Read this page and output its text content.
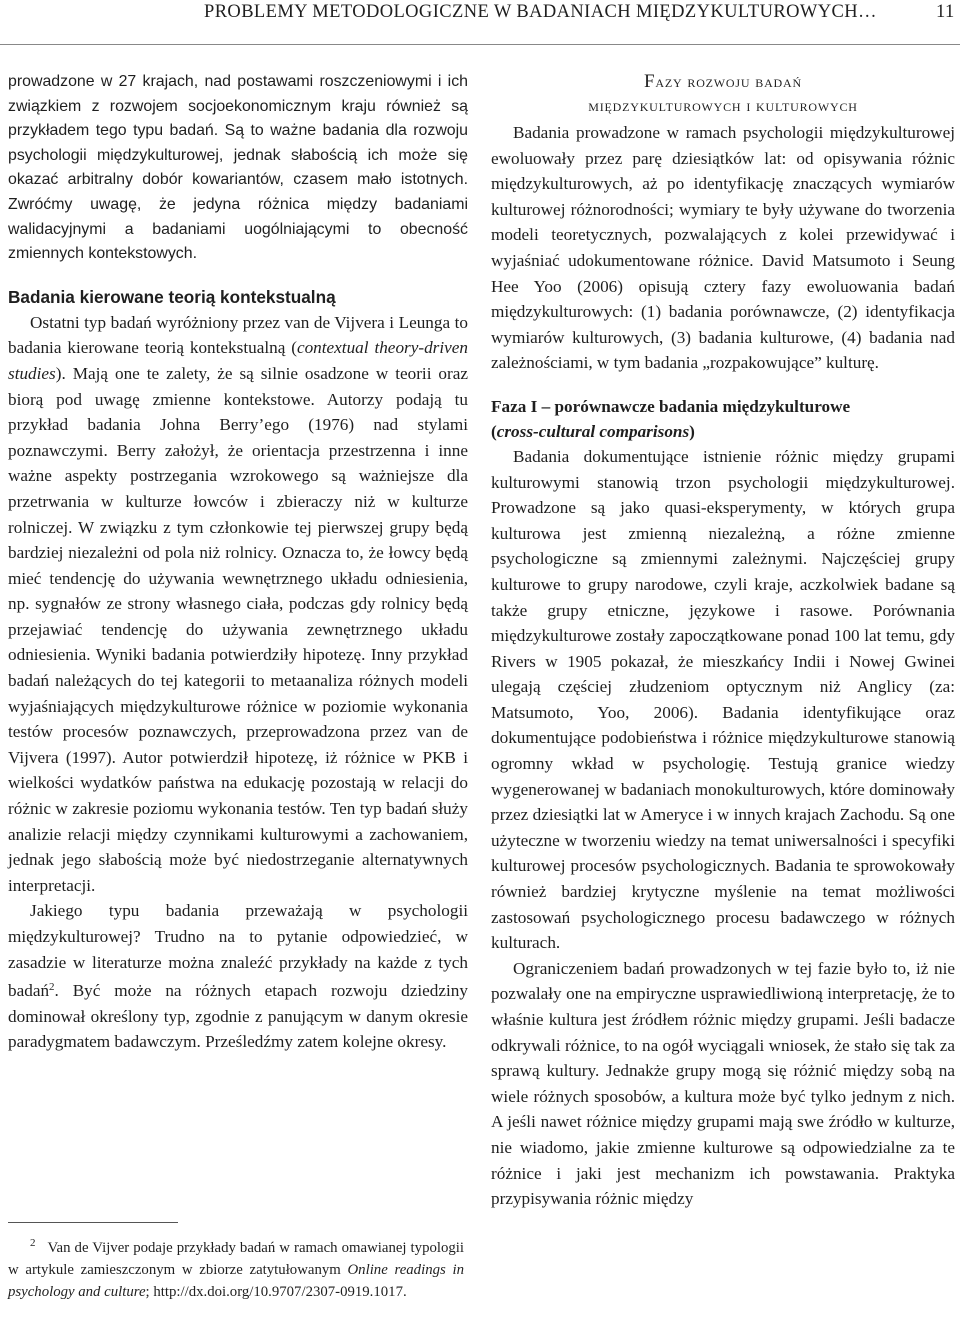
PROBLEMY METODOLOGICZNE W BADANIACH MIĘDZYKULTUROWYCH…	11

prowadzone w 27 krajach, nad postawami roszczeniowymi i ich związkiem z rozwojem socjoekonomicznym kraju również są przykładem tego typu badań. Są to ważne badania dla rozwoju psychologii międzykulturowej, jednak słabością ich może się okazać arbitralny dobór kowariantów, czasem mało istotnych. Zwróćmy uwagę, że jedyna różnica między badaniami walidacyjnymi a badaniami uogólniającymi to obecność zmiennych kontekstowych.

Badania kierowane teorią kontekstualną

Ostatni typ badań wyróżniony przez van de Vijvera i Leunga to badania kierowane teorią kontekstualną (contextual theory-driven studies). Mają one te zalety, że są silnie osadzone w teorii oraz biorą pod uwagę zmienne kontekstowe. Autorzy podają tu przykład badania Johna Berry’ego (1976) nad stylami poznawczymi. Berry założył, że orientacja przestrzenna i inne ważne aspekty postrzegania wzrokowego są ważniejsze dla przetrwania w kulturze łowców i zbieraczy niż w kulturze rolniczej. W związku z tym członkowie tej pierwszej grupy będą bardziej niezależni od pola niż rolnicy. Oznacza to, że łowcy będą mieć tendencję do używania wewnętrznego układu odniesienia, np. sygnałów ze strony własnego ciała, podczas gdy rolnicy będą przejawiać tendencję do używania zewnętrznego układu odniesienia. Wyniki badania potwierdziły hipotezę. Inny przykład badań należących do tej kategorii to metaanaliza różnych modeli wyjaśniających międzykulturowe różnice w poziomie wykonania testów procesów poznawczych, przeprowadzona przez van de Vijvera (1997). Autor potwierdził hipotezę, iż różnice w PKB i wielkości wydatków państwa na edukację pozostają w relacji do różnic w zakresie poziomu wykonania testów. Ten typ badań służy analizie relacji między czynnikami kulturowymi a zachowaniem, jednak jego słabością może być niedostrzeganie alternatywnych interpretacji.

Jakiego typu badania przeważają w psychologii międzykulturowej? Trudno na to pytanie odpowiedzieć, w zasadzie w literaturze można znaleźć przykłady na każde z tych badań$^2$. Być może na różnych etapach rozwoju dziedziny dominował określony typ, zgodnie z panującym w danym okresie paradygmatem badawczym. Prześledźmy zatem kolejne okresy.

$^2$ Van de Vijver podaje przykłady badań w ramach omawianej typologii w artykule zamieszczonym w zbiorze zatytułowanym Online readings in psychology and culture; http://dx.doi.org/10.9707/2307-0919.1017.
Fazy rozwoju badań
międzykulturowych i kulturowych

Badania prowadzone w ramach psychologii międzykulturowej ewoluowały przez parę dziesiątków lat: od opisywania różnic międzykulturowych, aż po identyfikację znaczących wymiarów kulturowej różnorodności; wymiary te były używane do tworzenia modeli teoretycznych, pozwalających z kolei przewidywać i wyjaśniać udokumentowane różnice. David Matsumoto i Seung Hee Yoo (2006) opisują cztery fazy ewoluowania badań międzykulturowych: (1) badania porównawcze, (2) identyfikacja wymiarów kulturowych, (3) badania kulturowe, (4) badania nad zależnościami, w tym badania „rozpakowujące” kulturę.

Faza I – porównawcze badania międzykulturowe
(cross-cultural comparisons)

Badania dokumentujące istnienie różnic między grupami kulturowymi stanowią trzon psychologii międzykulturowej. Prowadzone są jako quasi-eksperymenty, w których grupa kulturowa jest zmienną niezależną, a różne zmienne psychologiczne są zmiennymi zależnymi. Najczęściej grupy kulturowe to grupy narodowe, czyli kraje, aczkolwiek badane są także grupy etniczne, językowe i rasowe. Porównania międzykulturowe zostały zapoczątkowane ponad 100 lat temu, gdy Rivers w 1905 pokazał, że mieszkańcy Indii i Nowej Gwinei ulegają częściej złudzeniom optycznym niż Anglicy (za: Matsumoto, Yoo, 2006). Badania identyfikujące oraz dokumentujące podobieństwa i różnice międzykulturowe stanowią ogromny wkład w psychologię. Testują granice wiedzy wygenerowanej w badaniach monokulturowych, które dominowały przez dziesiątki lat w Ameryce i w innych krajach Zachodu. Są one użyteczne w tworzeniu wiedzy na temat uniwersalności i specyfiki kulturowej procesów psychologicznych. Badania te sprowokowały również bardziej krytyczne myślenie na temat możliwości zastosowań psychologicznego procesu badawczego w różnych kulturach.

Ograniczeniem badań prowadzonych w tej fazie było to, iż nie pozwalały one na empiryczne usprawiedliwioną interpretację, że to właśnie kultura jest źródłem różnic między grupami. Jeśli badacze odkrywali różnice, to na ogół wyciągali wniosek, że stało się tak za sprawą kultury. Jednakże grupy mogą się różnić między sobą na wiele różnych sposobów, a kultura może być tylko jednym z nich. A jeśli nawet różnice między grupami mają swe źródło w kulturze, nie wiadomo, jakie zmienne kulturowe są odpowiedzialne za te różnice i jaki jest mechanizm ich powstawania. Praktyka przypisywania różnic między
